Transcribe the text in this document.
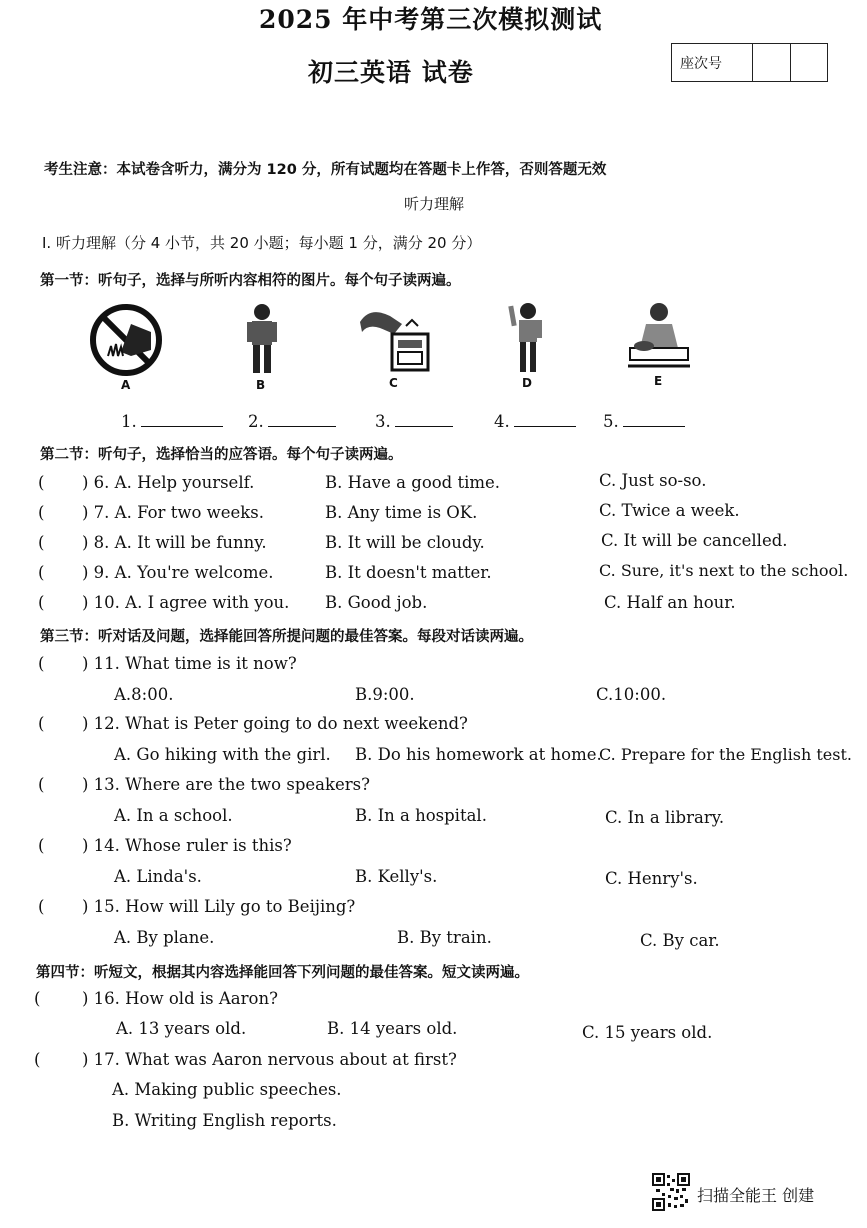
2025 年中考第三次模拟测试
初三英语 试卷	座次号
考生注意：本试卷含听力，满分为 120 分，所有试题均在答题卡上作答，否则答题无效
听力理解
I. 听力理解（分 4 小节，共 20 小题；每小题 1 分，满分 20 分）
第一节：听句子，选择与所听内容相符的图片。每个句子读两遍。
A	B	C	D	E
1.	2.	3.	4.	5.
第二节：听句子，选择恰当的应答语。每个句子读两遍。
( ) 6. A. Help yourself.	B. Have a good time.	C. Just so-so.
( ) 7. A. For two weeks.	B. Any time is OK.	C. Twice a week.
( ) 8. A. It will be funny.	B. It will be cloudy.	C. It will be cancelled.
( ) 9. A. You're welcome.	B. It doesn't matter.	C. Sure, it's next to the school.
( ) 10. A. I agree with you. B. Good job.	C. Half an hour.
第三节：听对话及问题，选择能回答所提问题的最佳答案。每段对话读两遍。
( ) 11. What time is it now?
A.8:00.	B.9:00.	C.10:00.
( ) 12. What is Peter going to do next weekend?
A. Go hiking with the girl. B. Do his homework at home.
C. Prepare for the English test.
( ) 13. Where are the two speakers?
A. In a school.	B. In a hospital.	C. In a library.
( ) 14. Whose ruler is this?
A. Linda's.	B. Kelly's.	C. Henry's.
( ) 15. How will Lily go to Beijing?
A. By plane.	B. By train.	C. By car.
第四节：听短文，根据其内容选择能回答下列问题的最佳答案。短文读两遍。
(	) 16. How old is Aaron?
A. 13 years old.	B. 14 years old.	C. 15 years old.
(	) 17. What was Aaron nervous about at first?
A. Making public speeches.
B. Writing English reports.
扫描全能王 创建
